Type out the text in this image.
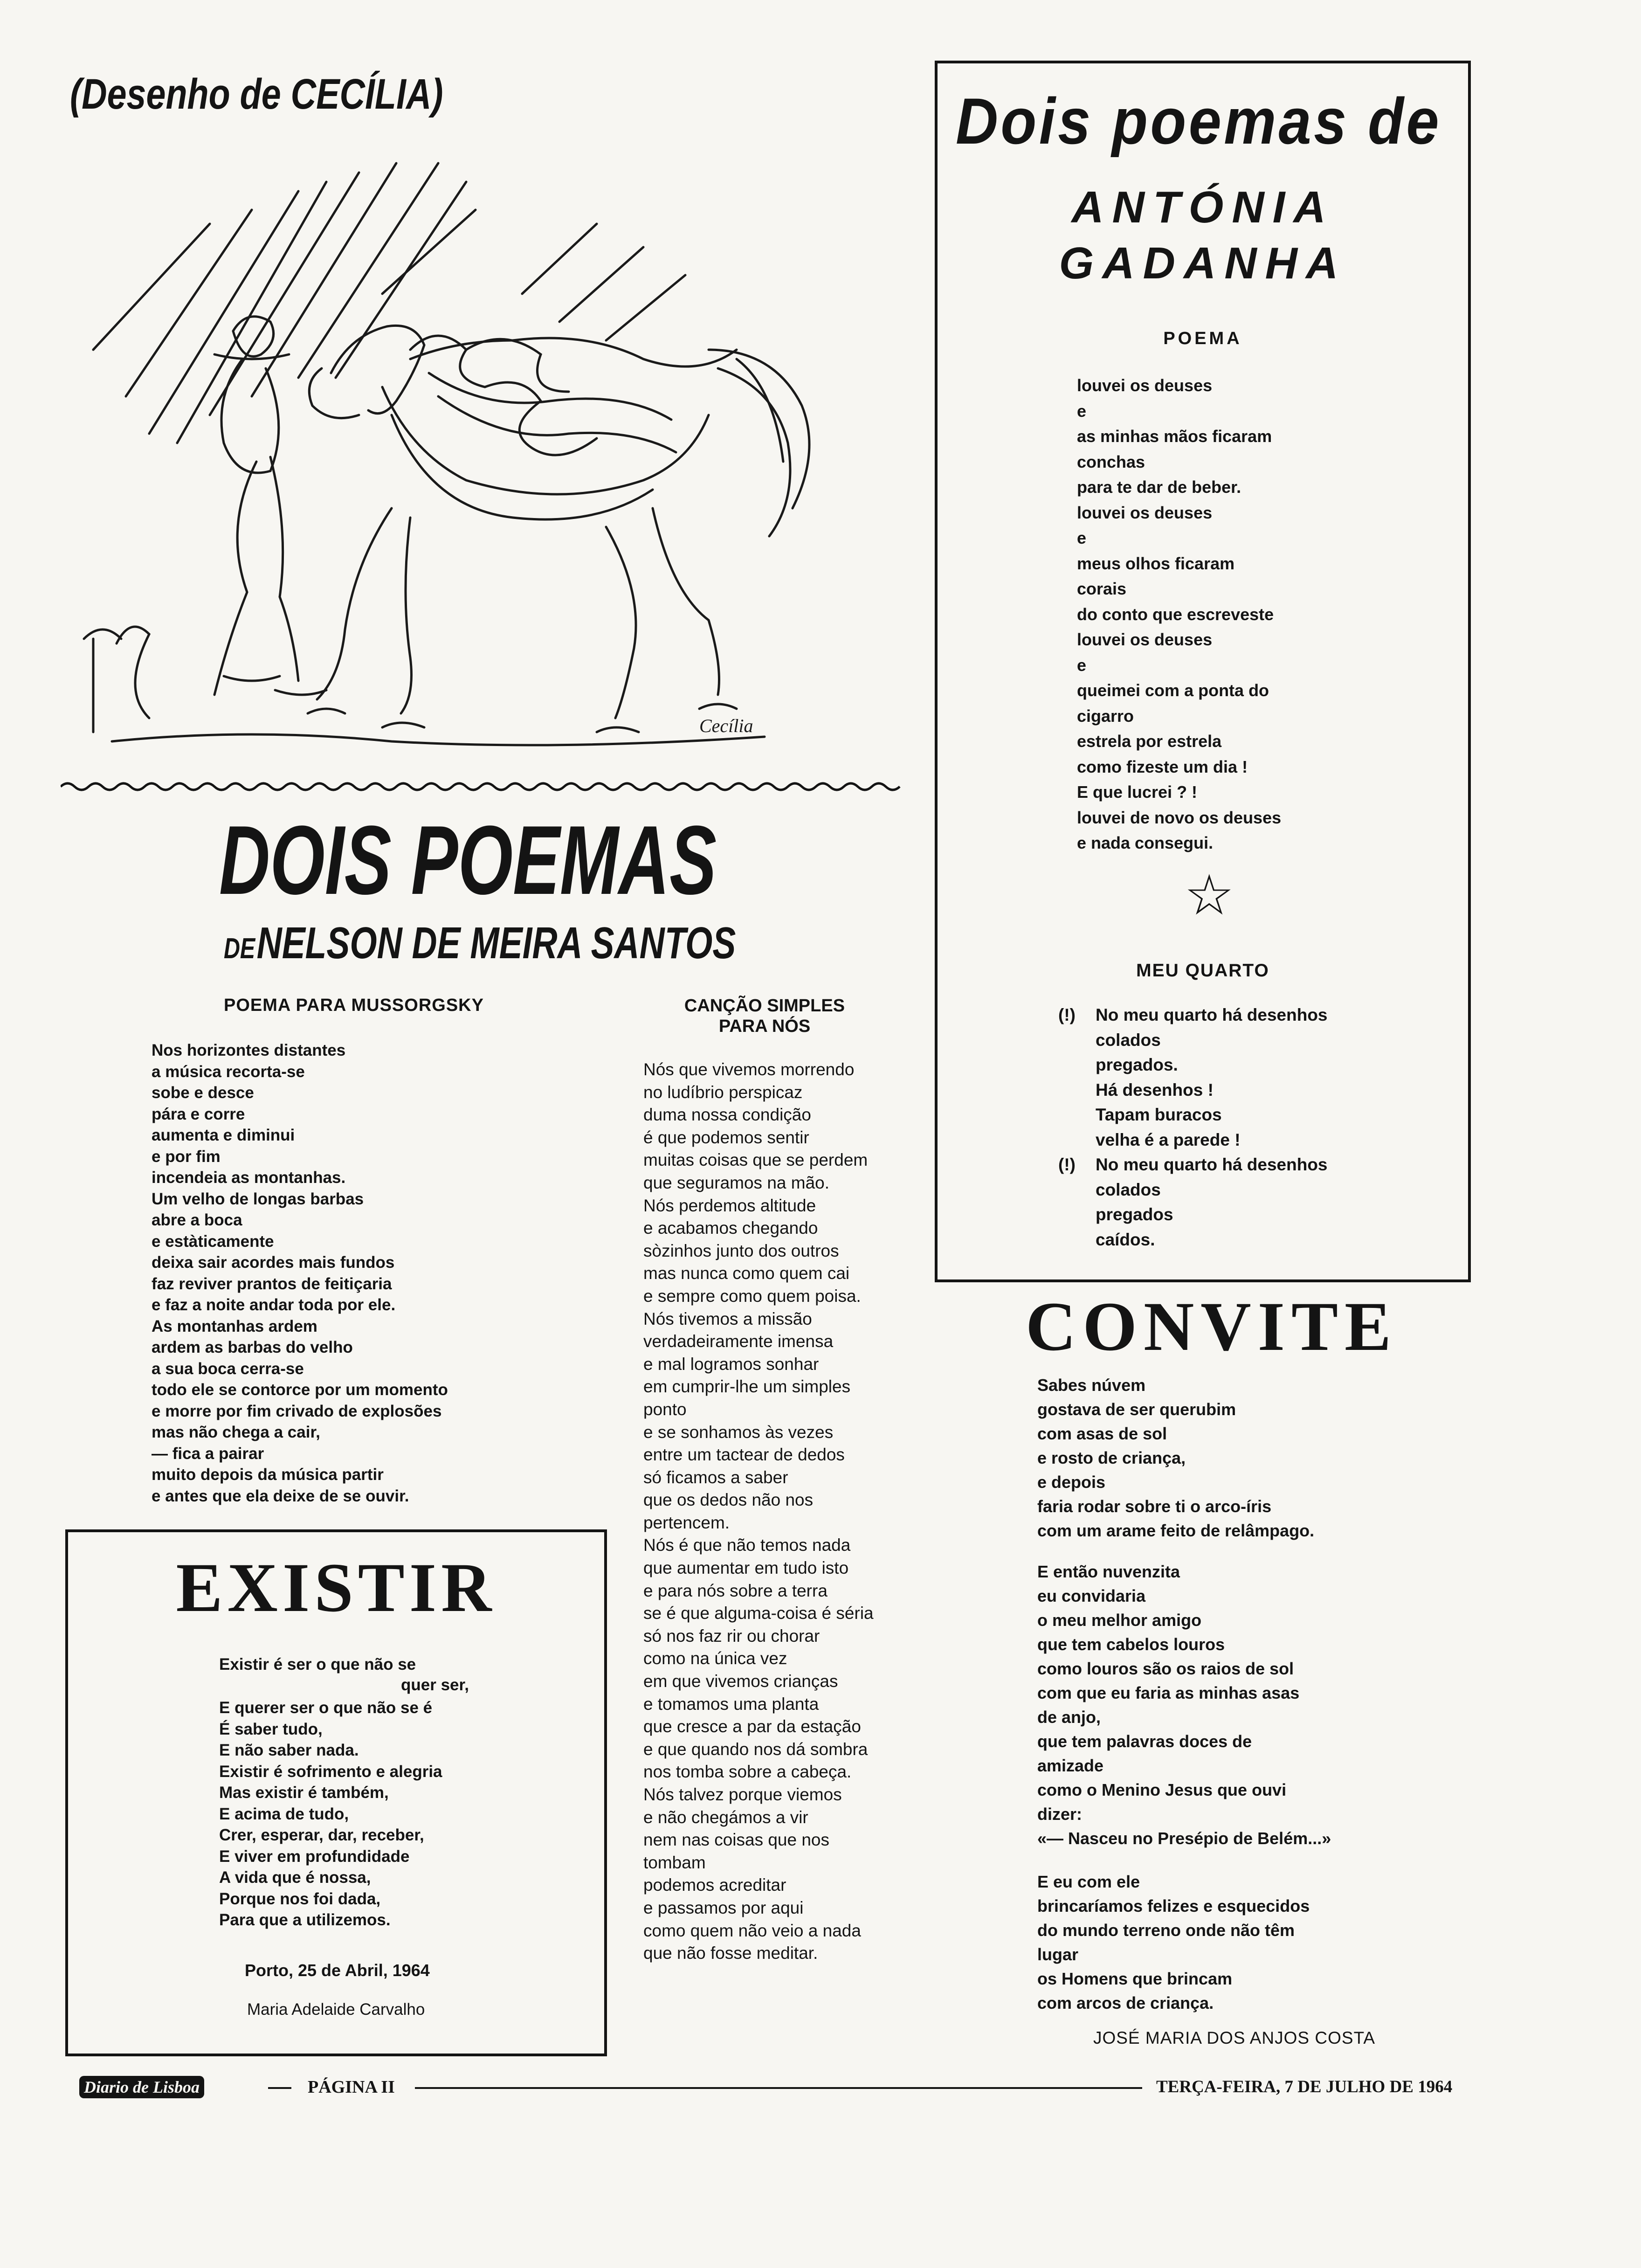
(Desenho de CECÍLIA)
Cecília
DOIS POEMAS
DE NELSON DE MEIRA SANTOS
POEMA PARA MUSSORGSKY
Nos horizontes distantes
a música recorta-se
sobe e desce
pára e corre
aumenta e diminui
e por fim
incendeia as montanhas.
Um velho de longas barbas
abre a boca
e estàticamente
deixa sair acordes mais fundos
faz reviver prantos de feitiçaria
e faz a noite andar toda por ele.
As montanhas ardem
ardem as barbas do velho
a sua boca cerra-se
todo ele se contorce por um momento
e morre por fim crivado de explosões
mas não chega a cair,
— fica a pairar
muito depois da música partir
e antes que ela deixe de se ouvir.
CANÇÃO SIMPLES
PARA NÓS
Nós que vivemos morrendo
no ludíbrio perspicaz
duma nossa condição
é que podemos sentir
muitas coisas que se perdem
que seguramos na mão.
Nós perdemos altitude
e acabamos chegando
sòzinhos junto dos outros
mas nunca como quem cai
e sempre como quem poisa.
Nós tivemos a missão
verdadeiramente imensa
e mal logramos sonhar
em cumprir-lhe um simples
ponto
e se sonhamos às vezes
entre um tactear de dedos
só ficamos a saber
que os dedos não nos
pertencem.
Nós é que não temos nada
que aumentar em tudo isto
e para nós sobre a terra
se é que alguma-coisa é séria
só nos faz rir ou chorar
como na única vez
em que vivemos crianças
e tomamos uma planta
que cresce a par da estação
e que quando nos dá sombra
nos tomba sobre a cabeça.
Nós talvez porque viemos
e não chegámos a vir
nem nas coisas que nos
tombam
podemos acreditar
e passamos por aqui
como quem não veio a nada
que não fosse meditar.
EXISTIR
Existir é ser o que não se
quer ser,
E querer ser o que não se é
É saber tudo,
E não saber nada.
Existir é sofrimento e alegria
Mas existir é também,
E acima de tudo,
Crer, esperar, dar, receber,
E viver em profundidade
A vida que é nossa,
Porque nos foi dada,
Para que a utilizemos.
Porto, 25 de Abril, 1964
Maria Adelaide Carvalho
Dois poemas de
ANTÓNIA
GADANHA
POEMA
louvei os deuses
e
as minhas mãos ficaram
conchas
para te dar de beber.
louvei os deuses
e
meus olhos ficaram
corais
do conto que escreveste
louvei os deuses
e
queimei com a ponta do
cigarro
estrela por estrela
como fizeste um dia !
E que lucrei ? !
louvei de novo os deuses
e nada consegui.
☆
MEU QUARTO
(!) No meu quarto há desenhos
colados
pregados.
Há desenhos !
Tapam buracos
velha é a parede !
(!) No meu quarto há desenhos
colados
pregados
caídos.
CONVITE
Sabes núvem
gostava de ser querubim
com asas de sol
e rosto de criança,
e depois
faria rodar sobre ti o arco-íris
com um arame feito de relâmpago.
E então nuvenzita
eu convidaria
o meu melhor amigo
que tem cabelos louros
como louros são os raios de sol
com que eu faria as minhas asas
de anjo,
que tem palavras doces de
amizade
como o Menino Jesus que ouvi
dizer:
«— Nasceu no Presépio de Belém...»
E eu com ele
brincaríamos felizes e esquecidos
do mundo terreno onde não têm
lugar
os Homens que brincam
com arcos de criança.
JOSÉ MARIA DOS ANJOS COSTA
Diario de Lisboa	PÁGINA II	TERÇA-FEIRA, 7 DE JULHO DE 1964
